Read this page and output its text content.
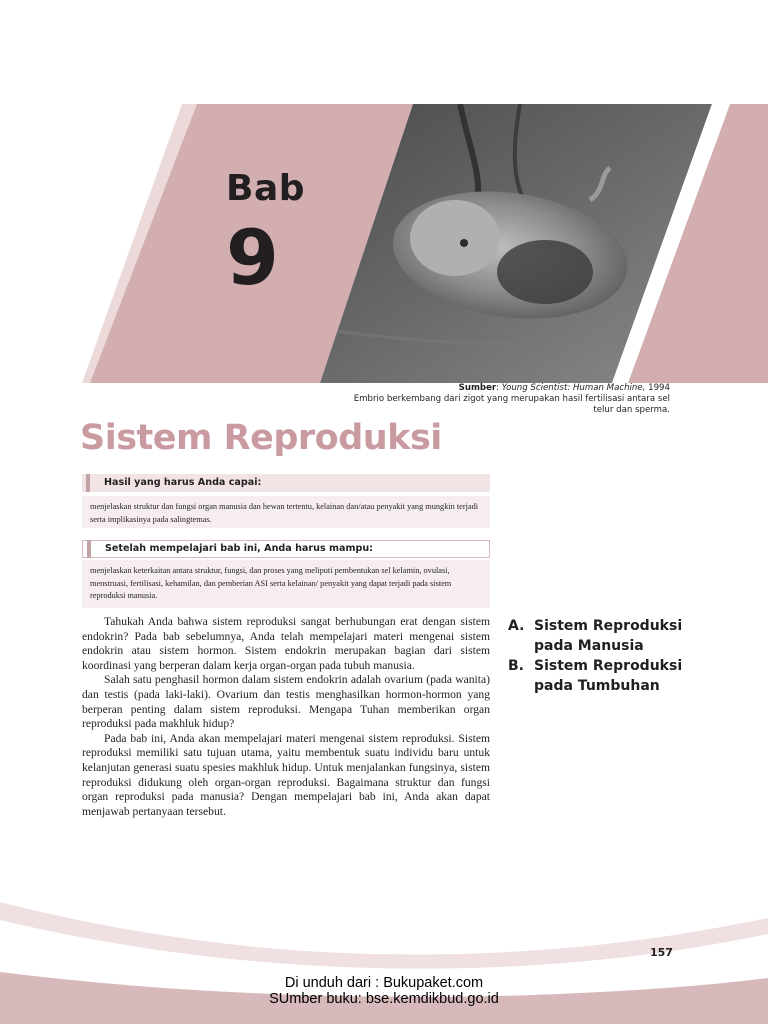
Bab
9

Sumber: Young Scientist: Human Machine, 1994

Embrio berkembang dari zigot yang merupakan hasil fertilisasi antara sel

telur dan sperma.

Sistem Reproduksi
Hasil yang harus Anda capai:
menjelaskan struktur dan fungsi organ manusia dan hewan tertentu, kelainan dan/atau penyakit yang mungkin terjadi serta implikasinya pada salingtemas.
Setelah mempelajari bab ini, Anda harus mampu:
menjelaskan keterkaitan antara struktur, fungsi, dan proses yang meliputi pembentukan sel kelamin, ovulasi, menstruasi, fertilisasi, kehamilan, dan pemberian ASI serta kelainan/ penyakit yang dapat terjadi pada sistem reproduksi manusia.

Tahukah Anda bahwa sistem reproduksi sangat berhubungan erat dengan sistem endokrin? Pada bab sebelumnya, Anda telah mempelajari materi mengenai sistem endokrin atau sistem hormon. Sistem endokrin merupakan bagian dari sistem koordinasi yang berperan dalam kerja organ-organ pada tubuh manusia.

Salah satu penghasil hormon dalam sistem endokrin adalah ovarium (pada wanita) dan testis (pada laki-laki). Ovarium dan testis menghasilkan hormon-hormon yang berperan penting dalam sistem reproduksi. Mengapa Tuhan memberikan organ reproduksi pada makhluk hidup?

Pada bab ini, Anda akan mempelajari materi mengenai sistem reproduksi. Sistem reproduksi memiliki satu tujuan utama, yaitu membentuk suatu individu baru untuk kelanjutan generasi suatu spesies makhluk hidup. Untuk menjalankan fungsinya, sistem reproduksi didukung oleh organ-organ reproduksi. Bagaimana struktur dan fungsi organ reproduksi pada manusia? Dengan mempelajari bab ini, Anda akan dapat menjawab pertanyaan tersebut.

A. Sistem Reproduksi pada Manusia
B. Sistem Reproduksi pada Tumbuhan
157

Di unduh dari : Bukupaket.com

SUmber buku: bse.kemdikbud.go.id
